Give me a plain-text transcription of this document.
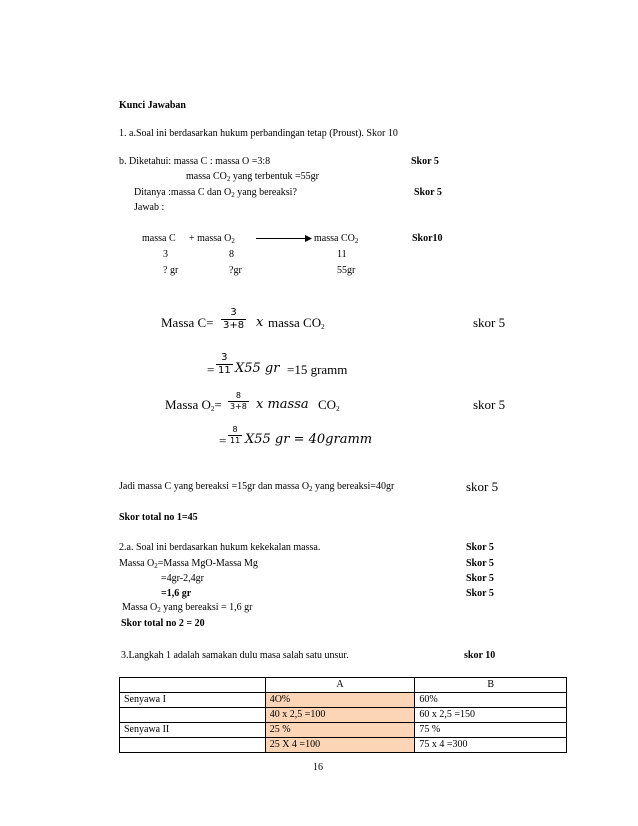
Kunci Jawaban
1. a.Soal ini berdasarkan hukum perbandingan tetap (Proust). Skor 10
b. Diketahui: massa C : massa O =3:8	Skor 5
massa $CO_2$ yang terbentuk =55gr
Ditanya :massa C dan $O_2$ yang bereaksi?	Skor 5
Jawab :
massa C + massa $O_2$	massa $CO_2$	Skor10
3	8	11
? gr	?gr	55gr
Massa $C= \frac{3}{3+8}$ 𝑥 massa $CO_2$	skor 5
= $\frac{3}{11}$ 𝑋55 𝑔𝑟 =15 gramm
Massa $O_2= \frac{8}{3+8}$ 𝑥 𝑚𝑎𝑠𝑠𝑎 $CO_2$	skor 5
= $\frac{8}{11}$ 𝑋55 𝑔𝑟 = 40𝑔𝑟𝑎𝑚𝑚
Jadi massa C yang bereaksi =15gr dan massa $O_2$ yang bereaksi=40gr	skor 5
Skor total no 1=45
2.a. Soal ini berdasarkan hukum kekekalan massa.	Skor 5
Massa $O_2=Massa$ MgO-Massa Mg	Skor 5
=4gr-2,4gr	Skor 5
=1,6 gr	Skor 5
Massa $O_2$ yang bereaksi = 1,6 gr
Skor total no 2 = 20
3.Langkah 1 adalah samakan dulu masa salah satu unsur.	skor 10
	A	B
Senyawa I	4O%	60%
	40 x 2,5 =100	60 x 2,5 =150
Senyawa II	25 %	75 %
	25 X 4 =100	75 x 4 =300
16
